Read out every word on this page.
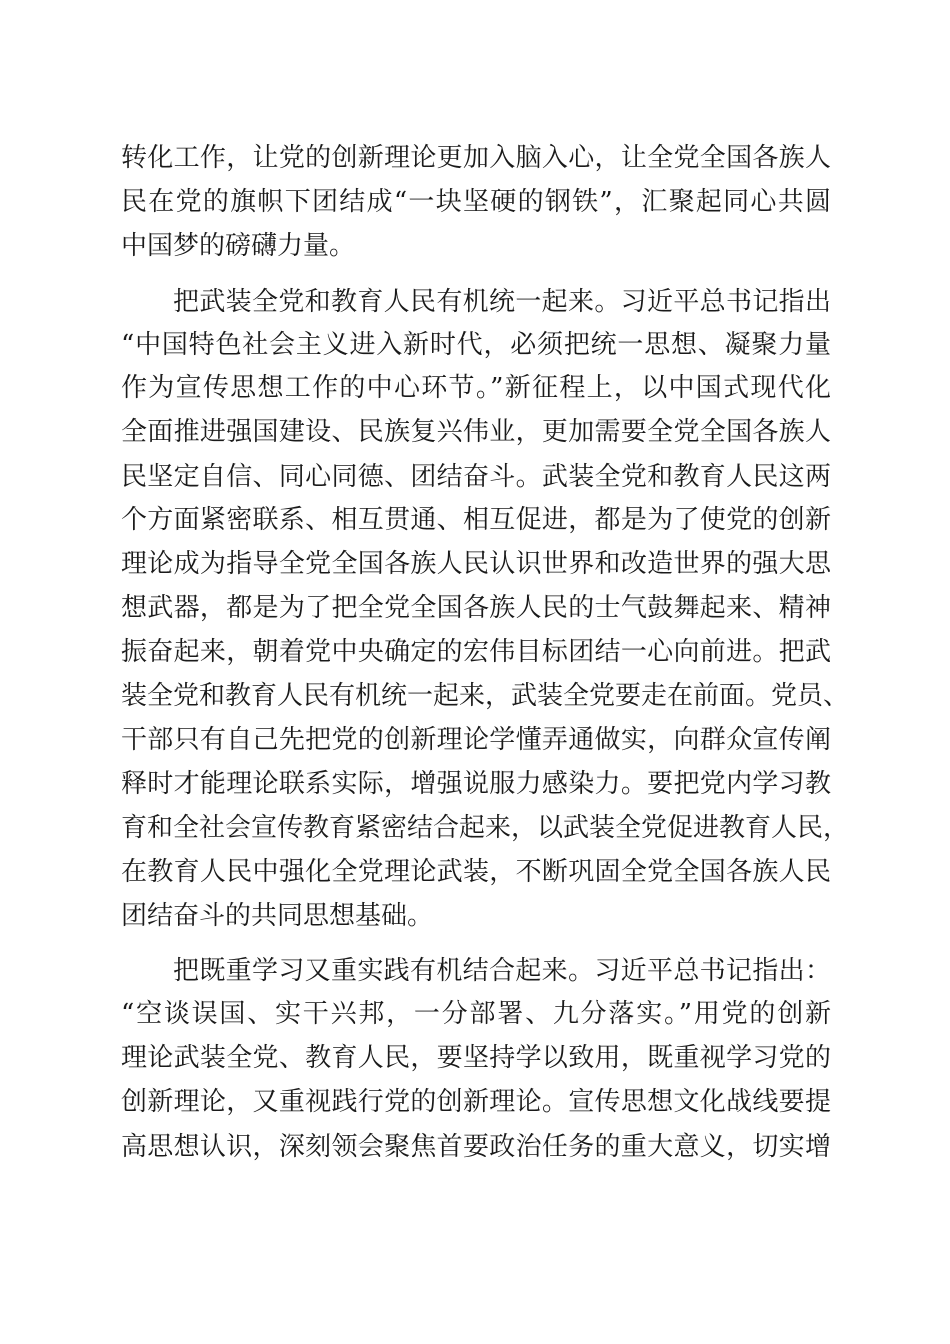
转化工作，让党的创新理论更加入脑入心，让全党全国各族人

民在党的旗帜下团结成“一块坚硬的钢铁”，汇聚起同心共圆

中国梦的磅礴力量。

把武装全党和教育人民有机统一起来。习近平总书记指出

“中国特色社会主义进入新时代，必须把统一思想、凝聚力量

作为宣传思想工作的中心环节。”新征程上，以中国式现代化

全面推进强国建设、民族复兴伟业，更加需要全党全国各族人

民坚定自信、同心同德、团结奋斗。武装全党和教育人民这两

个方面紧密联系、相互贯通、相互促进，都是为了使党的创新

理论成为指导全党全国各族人民认识世界和改造世界的强大思

想武器，都是为了把全党全国各族人民的士气鼓舞起来、精神

振奋起来，朝着党中央确定的宏伟目标团结一心向前进。把武

装全党和教育人民有机统一起来，武装全党要走在前面。党员、

干部只有自己先把党的创新理论学懂弄通做实，向群众宣传阐

释时才能理论联系实际，增强说服力感染力。要把党内学习教

育和全社会宣传教育紧密结合起来，以武装全党促进教育人民，

在教育人民中强化全党理论武装，不断巩固全党全国各族人民

团结奋斗的共同思想基础。

把既重学习又重实践有机结合起来。习近平总书记指出：

“空谈误国、实干兴邦，一分部署、九分落实。”用党的创新

理论武装全党、教育人民，要坚持学以致用，既重视学习党的

创新理论，又重视践行党的创新理论。宣传思想文化战线要提

高思想认识，深刻领会聚焦首要政治任务的重大意义，切实增
